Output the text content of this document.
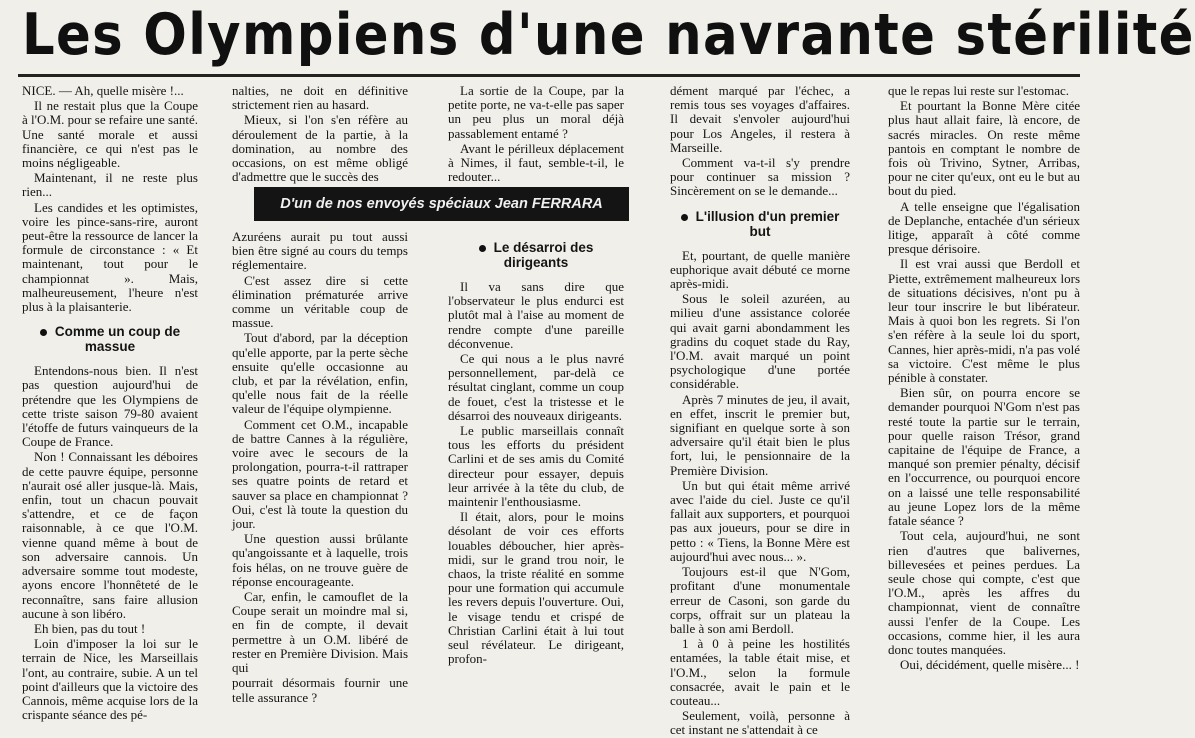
Les Olympiens d'une navrante stérilité

NICE. — Ah, quelle misère !...

Il ne restait plus que la Coupe à l'O.M. pour se refaire une santé. Une santé morale et aussi financière, ce qui n'est pas le moins négligeable.

Maintenant, il ne reste plus rien...

Les candides et les optimistes, voire les pince-sans-rire, auront peut-être la ressource de lancer la formule de circonstance : « Et maintenant, tout pour le championnat ». Mais, malheureusement, l'heure n'est plus à la plaisanterie.

Comme un coup de massue

Entendons-nous bien. Il n'est pas question aujourd'hui de prétendre que les Olympiens de cette triste saison 79-80 avaient l'étoffe de futurs vainqueurs de la Coupe de France.

Non ! Connaissant les déboires de cette pauvre équipe, personne n'aurait osé aller jusque-là. Mais, enfin, tout un chacun pouvait s'attendre, et ce de façon raisonnable, à ce que l'O.M. vienne quand même à bout de son adversaire cannois. Un adversaire somme tout modeste, ayons encore l'honnêteté de le reconnaître, sans faire allusion aucune à son libéro.

Eh bien, pas du tout !

Loin d'imposer la loi sur le terrain de Nice, les Marseillais l'ont, au contraire, subie. A un tel point d'ailleurs que la victoire des Cannois, même acquise lors de la crispante séance des pé-

nalties, ne doit en définitive strictement rien au hasard.

Mieux, si l'on s'en réfère au déroulement de la partie, à la domination, au nombre des occasions, on est même obligé d'admettre que le succès des

Azuréens aurait pu tout aussi bien être signé au cours du temps réglementaire.

C'est assez dire si cette élimination prématurée arrive comme un véritable coup de massue.

Tout d'abord, par la déception qu'elle apporte, par la perte sèche ensuite qu'elle occasionne au club, et par la révélation, enfin, qu'elle nous fait de la réelle valeur de l'équipe olympienne.

Comment cet O.M., incapable de battre Cannes à la régulière, voire avec le secours de la prolongation, pourra-t-il rattraper ses quatre points de retard et sauver sa place en championnat ? Oui, c'est là toute la question du jour.

Une question aussi brûlante qu'angoissante et à laquelle, trois fois hélas, on ne trouve guère de réponse encourageante.

Car, enfin, le camouflet de la Coupe serait un moindre mal si, en fin de compte, il devait permettre à un O.M. libéré de rester en Première Division. Mais qui

pourrait désormais fournir une telle assurance ?

D'un de nos envoyés spéciaux Jean FERRARA

La sortie de la Coupe, par la petite porte, ne va-t-elle pas saper un peu plus un moral déjà passablement entamé ?

Avant le périlleux déplacement à Nimes, il faut, semble-t-il, le redouter...

Le désarroi des dirigeants

Il va sans dire que l'observateur le plus endurci est plutôt mal à l'aise au moment de rendre compte d'une pareille déconvenue.

Ce qui nous a le plus navré personnellement, par-delà ce résultat cinglant, comme un coup de fouet, c'est la tristesse et le désarroi des nouveaux dirigeants.

Le public marseillais connaît tous les efforts du président Carlini et de ses amis du Comité directeur pour essayer, depuis leur arrivée à la tête du club, de maintenir l'enthousiasme.

Il était, alors, pour le moins désolant de voir ces efforts louables déboucher, hier après-midi, sur le grand trou noir, le chaos, la triste réalité en somme pour une formation qui accumule les revers depuis l'ouverture. Oui, le visage tendu et crispé de Christian Carlini était à lui tout seul révélateur. Le dirigeant, profon-

dément marqué par l'échec, a remis tous ses voyages d'affaires. Il devait s'envoler aujourd'hui pour Los Angeles, il restera à Marseille.

Comment va-t-il s'y prendre pour continuer sa mission ? Sincèrement on se le demande...

L'illusion d'un premier but

Et, pourtant, de quelle manière euphorique avait débuté ce morne après-midi.

Sous le soleil azuréen, au milieu d'une assistance colorée qui avait garni abondamment les gradins du coquet stade du Ray, l'O.M. avait marqué un point psychologique d'une portée considérable.

Après 7 minutes de jeu, il avait, en effet, inscrit le premier but, signifiant en quelque sorte à son adversaire qu'il était bien le plus fort, lui, le pensionnaire de la Première Division.

Un but qui était même arrivé avec l'aide du ciel. Juste ce qu'il fallait aux supporters, et pourquoi pas aux joueurs, pour se dire in petto : « Tiens, la Bonne Mère est aujourd'hui avec nous... ».

Toujours est-il que N'Gom, profitant d'une monumentale erreur de Casoni, son garde du corps, offrait sur un plateau la balle à son ami Berdoll.

1 à 0 à peine les hostilités entamées, la table était mise, et l'O.M., selon la formule consacrée, avait le pain et le couteau...

Seulement, voilà, personne à cet instant ne s'attendait à ce

que le repas lui reste sur l'estomac.

Et pourtant la Bonne Mère citée plus haut allait faire, là encore, de sacrés miracles. On reste même pantois en comptant le nombre de fois où Trivino, Sytner, Arribas, pour ne citer qu'eux, ont eu le but au bout du pied.

A telle enseigne que l'égalisation de Deplanche, entachée d'un sérieux litige, apparaît à côté comme presque dérisoire.

Il est vrai aussi que Berdoll et Piette, extrêmement malheureux lors de situations décisives, n'ont pu à leur tour inscrire le but libérateur. Mais à quoi bon les regrets. Si l'on s'en réfère à la seule loi du sport, Cannes, hier après-midi, n'a pas volé sa victoire. C'est même le plus pénible à constater.

Bien sûr, on pourra encore se demander pourquoi N'Gom n'est pas resté toute la partie sur le terrain, pour quelle raison Trésor, grand capitaine de l'équipe de France, a manqué son premier pénalty, décisif en l'occurrence, ou pourquoi encore on a laissé une telle responsabilité au jeune Lopez lors de la même fatale séance ?

Tout cela, aujourd'hui, ne sont rien d'autres que balivernes, billevesées et peines perdues. La seule chose qui compte, c'est que l'O.M., après les affres du championnat, vient de connaître aussi l'enfer de la Coupe. Les occasions, comme hier, il les aura donc toutes manquées.

Oui, décidément, quelle misère... !
